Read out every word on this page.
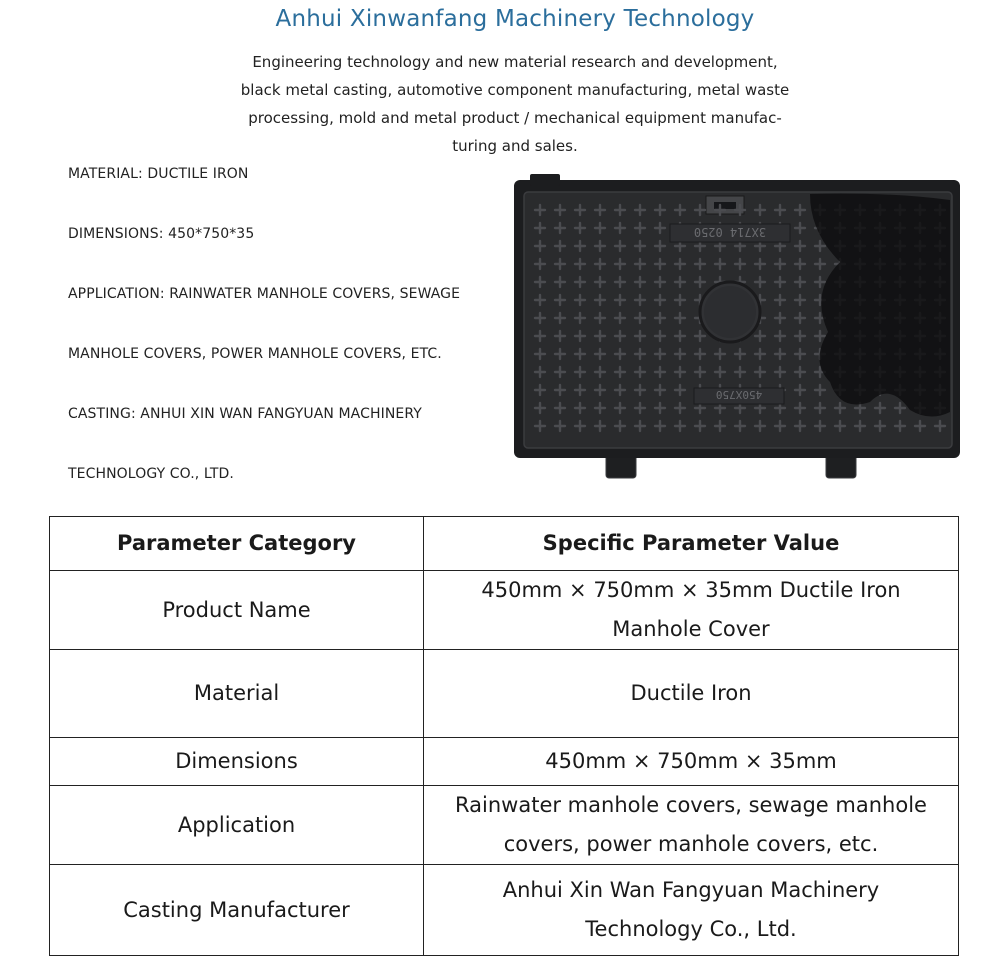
Anhui Xinwanfang Machinery Technology
Engineering technology and new material research and development,
black metal casting, automotive component manufacturing, metal waste
processing, mold and metal product / mechanical equipment manufac-
turing and sales.
MATERIAL: DUCTILE IRON
DIMENSIONS: 450*750*35
APPLICATION: RAINWATER MANHOLE COVERS, SEWAGE
MANHOLE COVERS, POWER MANHOLE COVERS, ETC.
CASTING: ANHUI XIN WAN FANGYUAN MACHINERY
TECHNOLOGY CO., LTD.
3X714 0250
450X750
Parameter Category	Specific Parameter Value
Product Name	450mm × 750mm × 35mm Ductile Iron
Manhole Cover

Material	Ductile Iron

Dimensions	450mm × 750mm × 35mm

Application	Rainwater manhole covers, sewage manhole
covers, power manhole covers, etc.

Casting Manufacturer	Anhui Xin Wan Fangyuan Machinery
Technology Co., Ltd.
